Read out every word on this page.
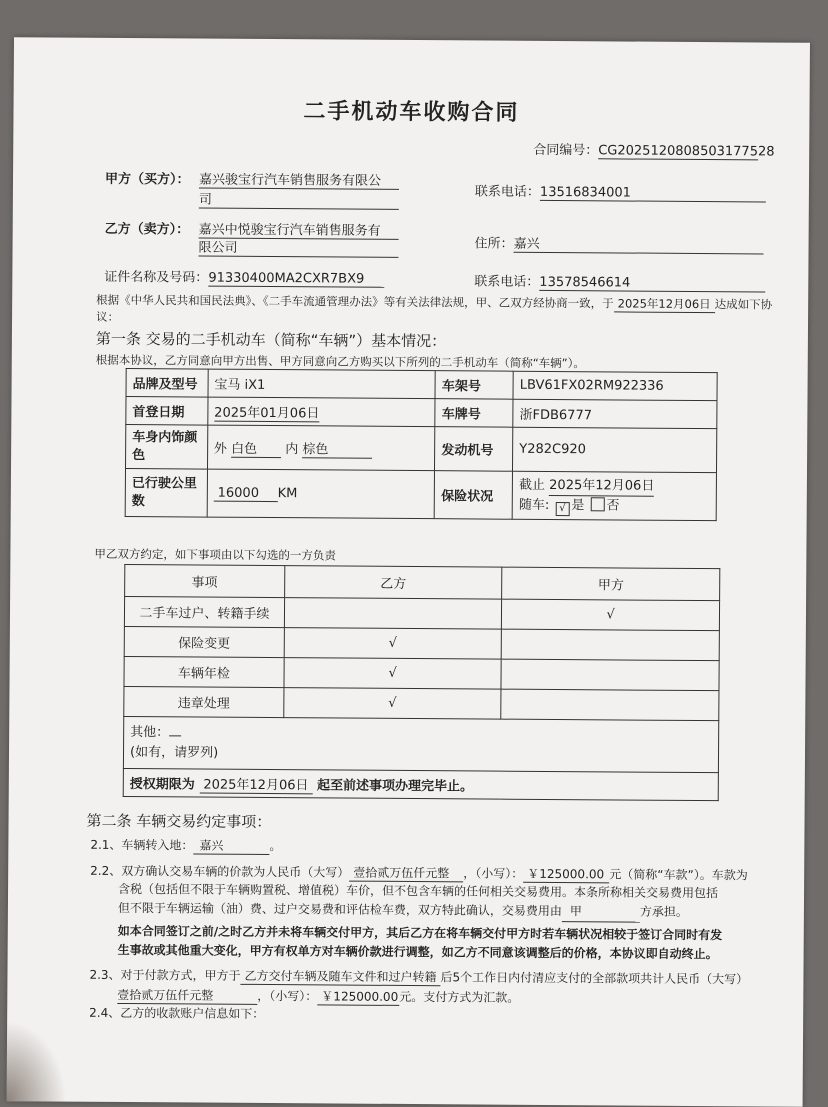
二手机动车收购合同
合同编号：CG2025120808503177528
甲方（买方）： 嘉兴骏宝行汽车销售服务有限公
司
联系电话：13516834001
乙方（卖方）： 嘉兴中悦骏宝行汽车销售服务有
限公司	住所：嘉兴
证件名称及号码：91330400MA2CXR7BX9	联系电话：13578546614
根据《中华人民共和国民法典》、《二手车流通管理办法》等有关法律法规，甲、乙双方经协商一致，于 2025年12月06日 达成如下协
议：
第一条 交易的二手机动车（简称“车辆”）基本情况：
根据本协议，乙方同意向甲方出售、甲方同意向乙方购买以下所列的二手机动车（简称“车辆”）。
品牌及型号	宝马 iX1	车架号	LBV61FX02RM922336
首登日期	2025年01月06日	车牌号	浙FDB6777
车身内饰颜
色	外 白色 内 棕色	发动机号	Y282C920
已行驶公里
数	16000 KM	保险状况	截止 2025年12月06日
随车: √ 是 否
甲乙双方约定，如下事项由以下勾选的一方负责
事项	乙方	甲方
二手车过户、转籍手续		√
保险变更	√	
车辆年检	√	
违章处理	√	
其他：
(如有，请罗列)		
授权期限为 2025年12月06日 起至前述事项办理完毕止。		
第二条 车辆交易约定事项：
2.1、车辆转入地： 嘉兴	。
2.2、双方确认交易车辆的价款为人民币（大写） 壹拾贰万伍仟元整 ，（小写）： ￥125000.00 元（简称“车款”）。车款为
含税（包括但不限于车辆购置税、增值税）车价，但不包含车辆的任何相关交易费用。本条所称相关交易费用包括但不限于车辆运输（油）费、过户交易费和评估检车费，双方特此确认，交易费用由 甲	方承担。
如本合同签订之前/之时乙方并未将车辆交付甲方，其后乙方在将车辆交付甲方时若车辆状况相较于签订合同时有发生事故或其他重大变化，甲方有权单方对车辆价款进行调整，如乙方不同意该调整后的价格，本协议即自动终止。
2.3、对于付款方式，甲方于 乙方交付车辆及随车文件和过户转籍 后5个工作日内付清应支付的全部款项共计人民币（大写）
壹拾贰万伍仟元整	，（小写）： ￥125000.00元。支付方式为汇款。
2.4、乙方的收款账户信息如下：
